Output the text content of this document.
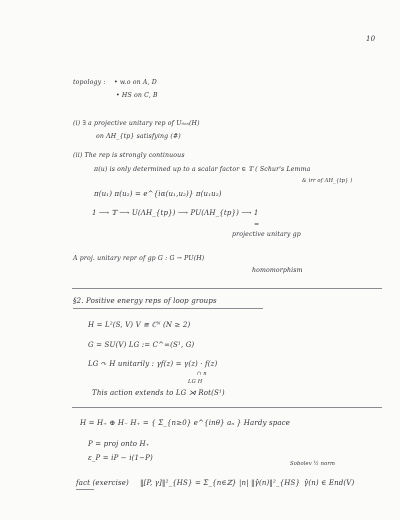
10
topology : • w.o on A, D
• HS on C, B
(i) ∃ a projective unitary rep of U₀ₑₛ(H)
on ΛH_{tp} satisfying (#)
(ii) The rep is strongly continuous
π(u) is only determined up to a scalar factor ∈ 𝕋 ( Schur's Lemma
& irr of ΛH_{tp} )
π(u₁) π(u₂) = e^{iα(u₁,u₂)} π(u₁u₂)
1 ⟶ 𝕋 ⟶ U(ΛH_{tp}) ⟶ PU(ΛH_{tp}) ⟶ 1
=
projective unitary gp
A proj. unitary repr of gp G : G → PU(H)
homomorphism
§2. Positive energy reps of loop groups
H = L²(S, V) V ≅ ℂᴺ (N ≥ 2)
G = SU(V) LG := C^∞(S¹, G)
LG ↷ H unitarily : γf(z) = γ(z) · f(z)
∩ n
LG H
This action extends to LG ⋊ Rot(S¹)
H = H₊ ⊕ H₋ H₊ = { Σ_{n≥0} e^{inθ} aₙ } Hardy space
P = proj onto H₊
ε_P = iP − i(1−P)
Sobolev ½ norm
fact (exercise) ‖[P, γ]‖²_{HS} = Σ_{n∈ℤ} |n| ‖γ̂(n)‖²_{HS} γ̂(n) ∈ End(V)
